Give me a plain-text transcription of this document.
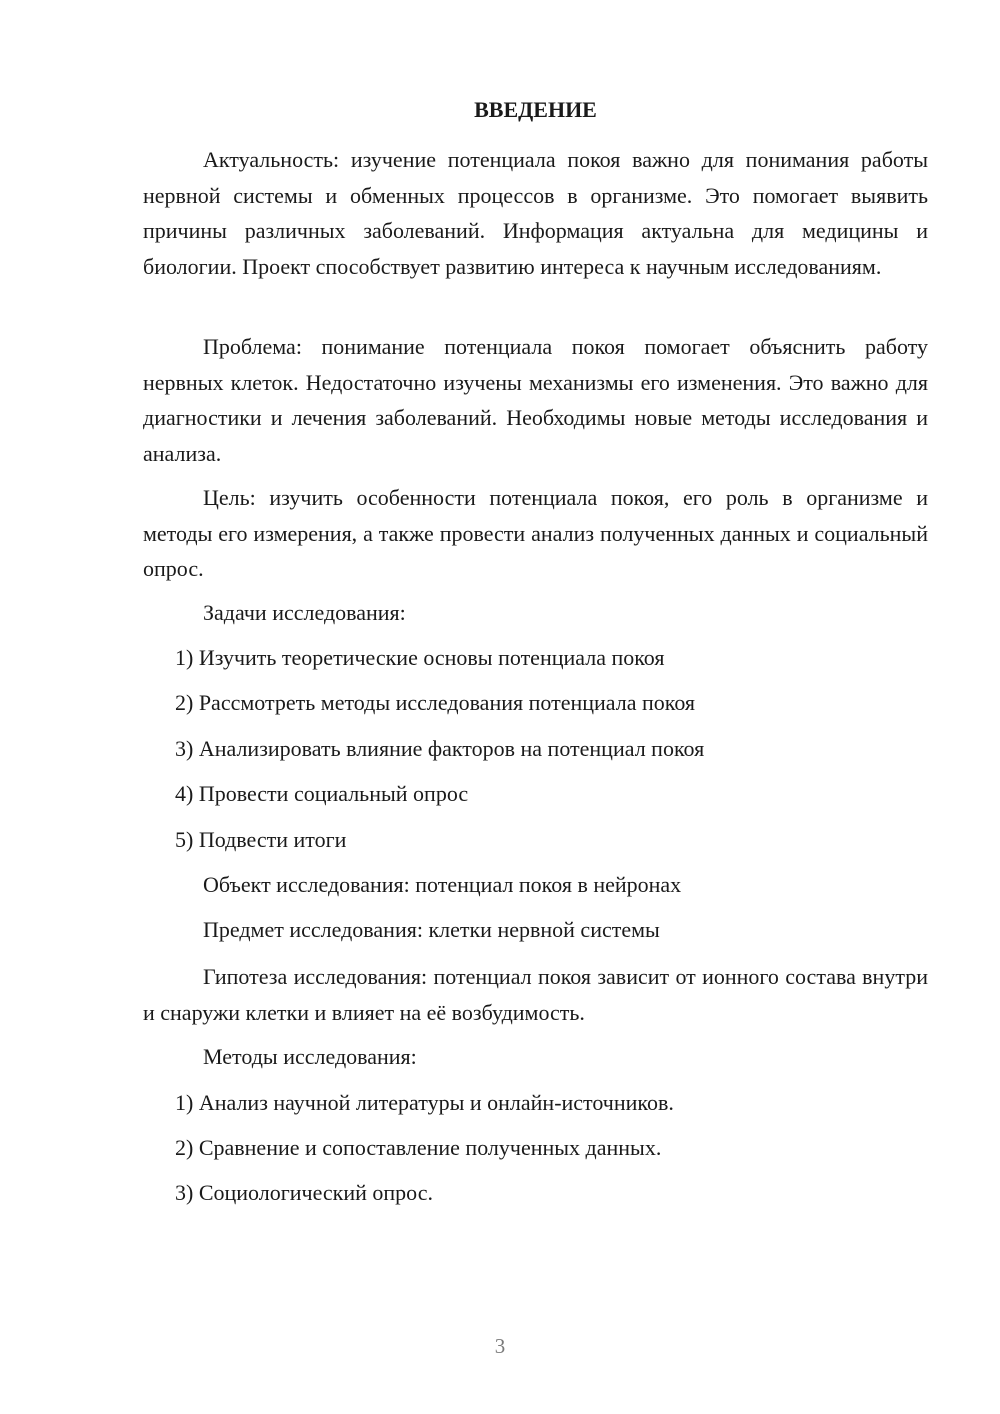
ВВЕДЕНИЕ

Актуальность: изучение потенциала покоя важно для понимания работы нервной системы и обменных процессов в организме. Это помогает выявить причины различных заболеваний. Информация актуальна для медицины и биологии. Проект способствует развитию интереса к научным исследованиям.

Проблема: понимание потенциала покоя помогает объяснить работу нервных клеток. Недостаточно изучены механизмы его изменения. Это важно для диагностики и лечения заболеваний. Необходимы новые методы исследования и анализа.

Цель: изучить особенности потенциала покоя, его роль в организме и методы его измерения, а также провести анализ полученных данных и социальный опрос.

Задачи исследования:

1) Изучить теоретические основы потенциала покоя

2) Рассмотреть методы исследования потенциала покоя

3) Анализировать влияние факторов на потенциал покоя

4) Провести социальный опрос

5) Подвести итоги

Объект исследования: потенциал покоя в нейронах

Предмет исследования: клетки нервной системы

Гипотеза исследования: потенциал покоя зависит от ионного состава внутри и снаружи клетки и влияет на её возбудимость.

Методы исследования:

1) Анализ научной литературы и онлайн-источников.

2) Сравнение и сопоставление полученных данных.

3) Социологический опрос.

3
